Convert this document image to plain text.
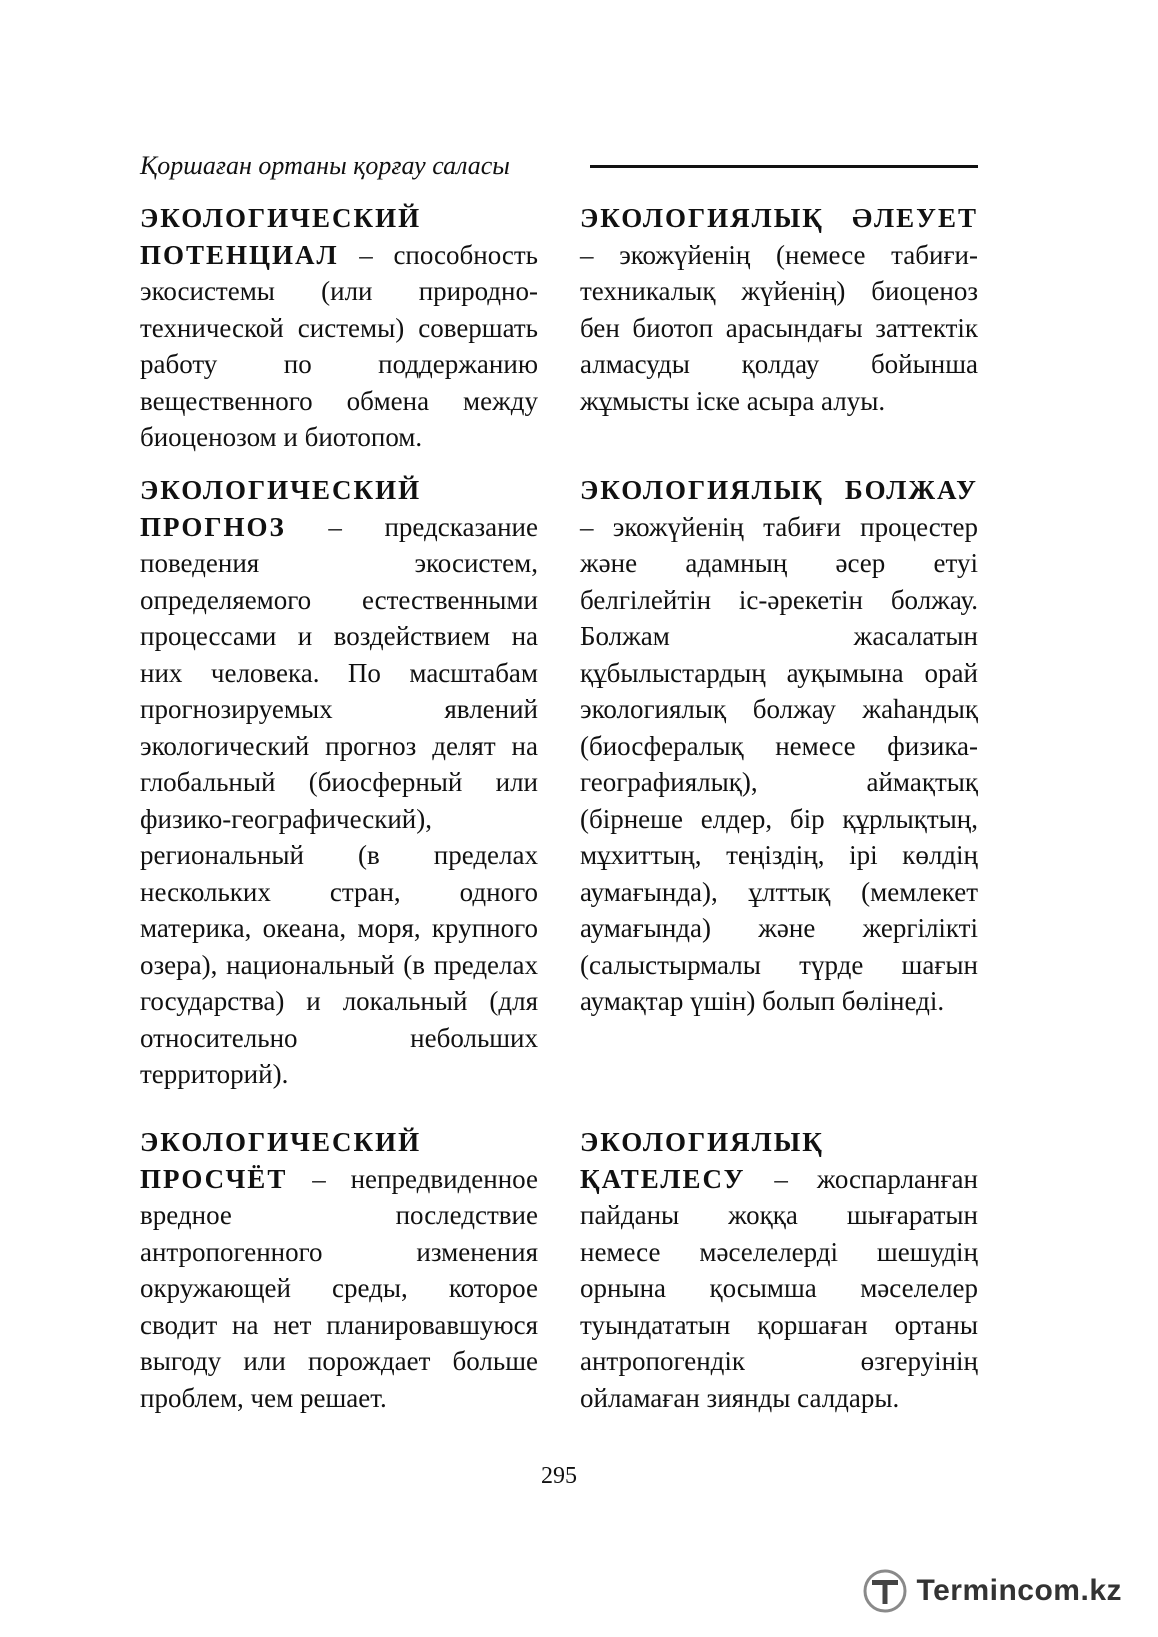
Қоршаған ортаны қорғау саласы

ЭКОЛОГИЧЕСКИЙ ПОТЕНЦИАЛ – способность экосистемы (или природно-технической системы) совершать работу по поддержанию вещественного обмена между биоценозом и биотопом.

ЭКОЛОГИЧЕСКИЙ ПРОГНОЗ – предсказание поведения экосистем, определяемого естественными процессами и воздействием на них человека. По масштабам прогнозируемых явлений экологический прогноз делят на глобальный (биосферный или физико-географический), региональный (в пределах нескольких стран, одного материка, океана, моря, крупного озера), национальный (в пределах государства) и локальный (для относительно небольших территорий).

ЭКОЛОГИЧЕСКИЙ ПРОСЧЁТ – непредвиденное вредное последствие антропогенного изменения окружающей среды, которое сводит на нет планировавшуюся выгоду или порождает больше проблем, чем решает.

ЭКОЛОГИЯЛЫҚ ӘЛЕУЕТ – экожүйенің (немесе табиғи-техникалық жүйенің) биоценоз бен биотоп арасындағы заттектік алмасуды қолдау бойынша жұмысты іске асыра алуы.

ЭКОЛОГИЯЛЫҚ БОЛЖАУ – экожүйенің табиғи процестер және адамның әсер етуі белгілейтін іс-әрекетін болжау. Болжам жасалатын құбылыстардың ауқымына орай экологиялық болжау жаһандық (биосфералық немесе физика-географиялық), аймақтық (бірнеше елдер, бір құрлықтың, мұхиттың, теңіздің, ірі көлдің аумағында), ұлттық (мемлекет аумағында) және жергілікті (салыстырмалы түрде шағын аумақтар үшін) болып бөлінеді.

ЭКОЛОГИЯЛЫҚ ҚАТЕЛЕСУ – жоспарланған пайданы жоққа шығаратын немесе мәселелерді шешудің орнына қосымша мәселелер туындататын қоршаған ортаны антропогендік өзгеруінің ойламаған зиянды салдары.

295
Termincom.kz
